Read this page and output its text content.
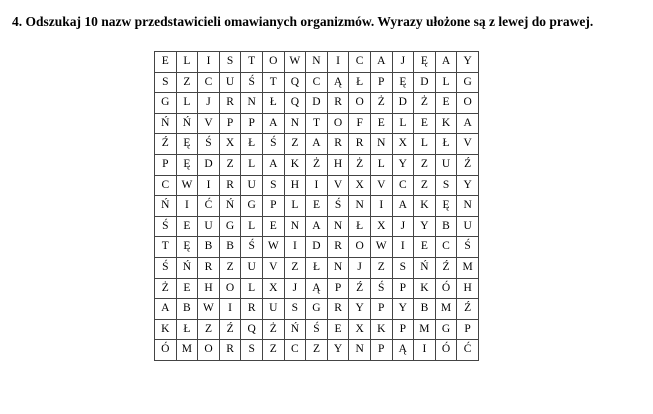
4. Odszukaj 10 nazw przedstawicieli omawianych organizmów. Wyrazy ułożone są z lewej do prawej.
E	L	I	S	T	O	W	N	I	C	A	J	Ę	A	Y
S	Z	C	U	Ś	T	Q	C	Ą	Ł	P	Ę	D	L	G
G	L	J	R	N	Ł	Q	D	R	O	Ż	D	Ż	E	O
Ń	Ń	V	P	P	A	N	T	O	F	E	L	E	K	A
Ź	Ę	Ś	X	Ł	Ś	Z	A	R	R	N	X	L	Ł	V
P	Ę	D	Z	L	A	K	Ż	H	Ż	L	Y	Z	U	Ź
C	W	I	R	U	S	H	I	V	X	V	C	Z	S	Y
Ń	I	Ć	Ń	G	P	L	E	Ś	N	I	A	K	Ę	N
Ś	E	U	G	L	E	N	A	N	Ł	X	J	Y	B	U
T	Ę	B	B	Ś	W	I	D	R	O	W	I	E	C	Ś
Ś	Ń	R	Z	U	V	Z	Ł	N	J	Z	S	Ń	Ź	M
Ż	E	H	O	L	X	J	Ą	P	Ź	Ś	P	K	Ó	H
A	B	W	I	R	U	S	G	R	Y	P	Y	B	M	Ź
K	Ł	Z	Ź	Q	Ż	Ń	Ś	E	X	K	P	M	G	P
Ó	M	O	R	S	Z	C	Z	Y	N	P	Ą	I	Ó	Ć
